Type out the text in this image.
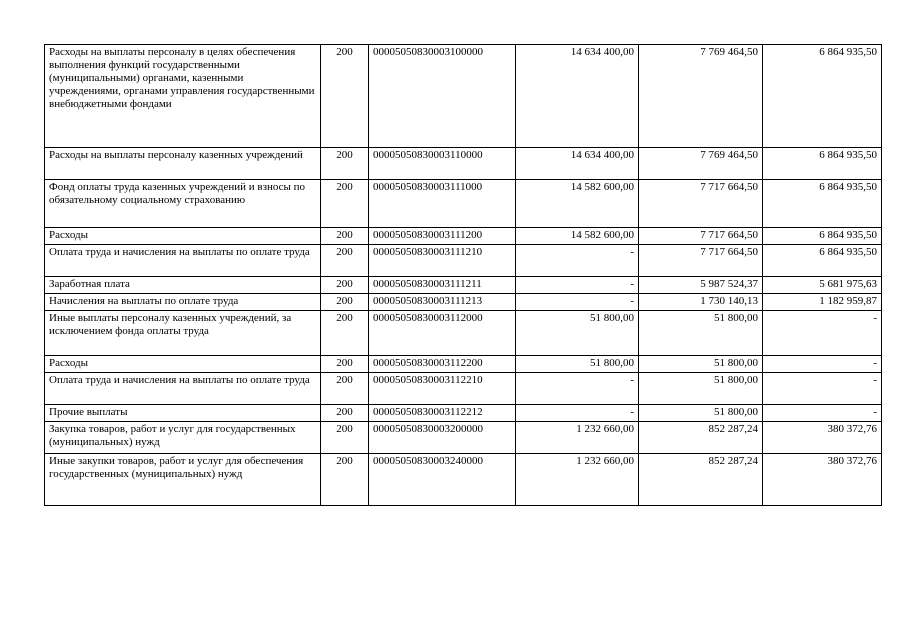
Расходы на выплаты персоналу в целях обеспечения выполнения функций государственными (муниципальными) органами, казенными учреждениями, органами управления государственными внебюджетными фондами	200	00005050830003100000	14 634 400,00	7 769 464,50	6 864 935,50
Расходы на выплаты персоналу казенных учреждений	200	00005050830003110000	14 634 400,00	7 769 464,50	6 864 935,50
Фонд оплаты труда казенных учреждений и взносы по обязательному социальному страхованию	200	00005050830003111000	14 582 600,00	7 717 664,50	6 864 935,50
Расходы	200	00005050830003111200	14 582 600,00	7 717 664,50	6 864 935,50
Оплата труда и начисления на выплаты по оплате труда	200	00005050830003111210	-	7 717 664,50	6 864 935,50
Заработная плата	200	00005050830003111211	-	5 987 524,37	5 681 975,63
Начисления на выплаты по оплате труда	200	00005050830003111213	-	1 730 140,13	1 182 959,87
Иные выплаты персоналу казенных учреждений, за исключением фонда оплаты труда	200	00005050830003112000	51 800,00	51 800,00	-
Расходы	200	00005050830003112200	51 800,00	51 800,00	-
Оплата труда и начисления на выплаты по оплате труда	200	00005050830003112210	-	51 800,00	-
Прочие выплаты	200	00005050830003112212	-	51 800,00	-
Закупка товаров, работ и услуг для государственных (муниципальных) нужд	200	00005050830003200000	1 232 660,00	852 287,24	380 372,76
Иные закупки товаров, работ и услуг для обеспечения государственных (муниципальных) нужд	200	00005050830003240000	1 232 660,00	852 287,24	380 372,76
